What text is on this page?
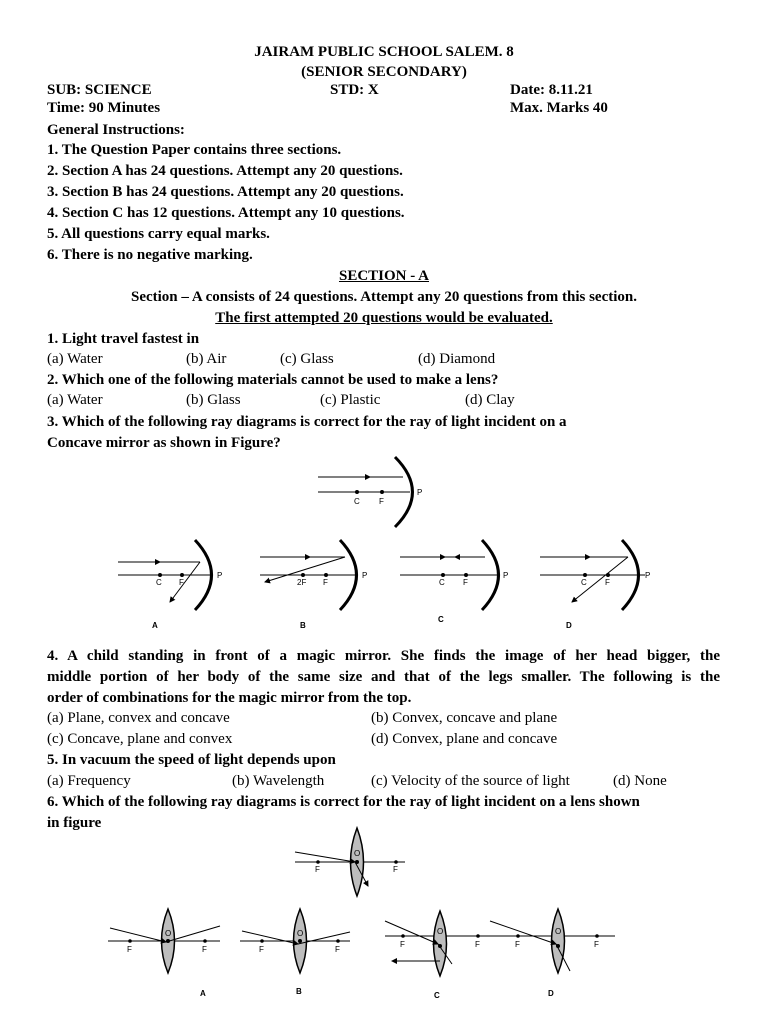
JAIRAM PUBLIC SCHOOL SALEM. 8
(SENIOR SECONDARY)
SUB: SCIENCE	STD: X	Date: 8.11.21
Time: 90 Minutes	Max. Marks 40
General Instructions:
1. The Question Paper contains three sections.
2. Section A has 24 questions. Attempt any 20 questions.
3. Section B has 24 questions. Attempt any 20 questions.
4. Section C has 12 questions. Attempt any 10 questions.
5. All questions carry equal marks.
6. There is no negative marking.
SECTION - A
Section – A consists of 24 questions. Attempt any 20 questions from this section.
The first attempted 20 questions would be evaluated.
1. Light travel fastest in
(a) Water	(b) Air	(c) Glass	(d) Diamond
2. Which one of the following materials cannot be used to make a lens?
(a) Water	(b) Glass	(c) Plastic	(d) Clay
3. Which of the following ray diagrams is correct for the ray of light incident on a
Concave mirror as shown in Figure?
C F
P
C F
P
A
2F F
P
B
C F
P
C
C F
P
D
4. A child standing in front of a magic mirror. She finds the image of her head bigger, the
middle portion of her body of the same size and that of the legs smaller. The following is the
order of combinations for the magic mirror from the top.
(a) Plane, convex and concave	(b) Convex, concave and plane
(c) Concave, plane and convex	(d) Convex, plane and concave
5. In vacuum the speed of light depends upon
(a) Frequency	(b) Wavelength	(c) Velocity of the source of light	(d) None
6. Which of the following ray diagrams is correct for the ray of light incident on a lens shown
in figure
O
F	F
O
F	F
A
O
F	F
B
O
F	F
C
O
F	F
D
